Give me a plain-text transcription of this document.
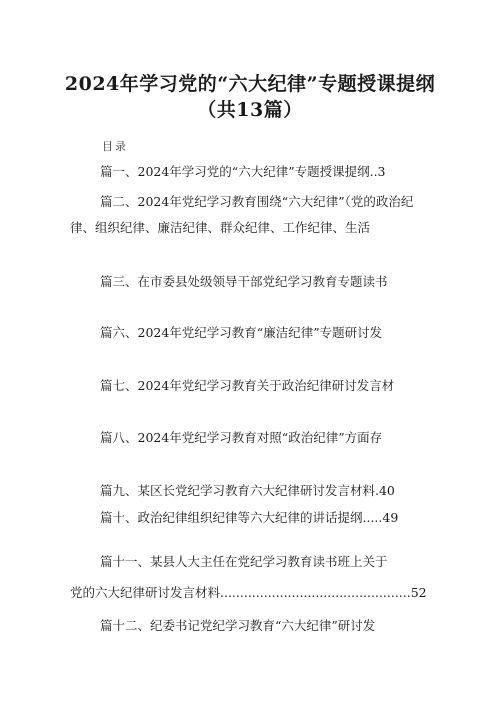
2024年学习党的“六大纪律”专题授课提纲
（共13篇）
目录
篇一、2024年学习党的“六大纪律”专题授课提纲..3
篇二、2024年党纪学习教育围绕“六大纪律”（党的政治纪
律、组织纪律、廉洁纪律、群众纪律、工作纪律、生活
篇三、在市委县处级领导干部党纪学习教育专题读书
篇六、2024年党纪学习教育“廉洁纪律”专题研讨发
篇七、2024年党纪学习教育关于政治纪律研讨发言材
篇八、2024年党纪学习教育对照“政治纪律”方面存
篇九、某区长党纪学习教育六大纪律研讨发言材料.40
篇十、政治纪律组织纪律等六大纪律的讲话提纲.....49
篇十一、某县人大主任在党纪学习教育读书班上关于
党的六大纪律研讨发言材料................................................52
篇十二、纪委书记党纪学习教育“六大纪律”研讨发
